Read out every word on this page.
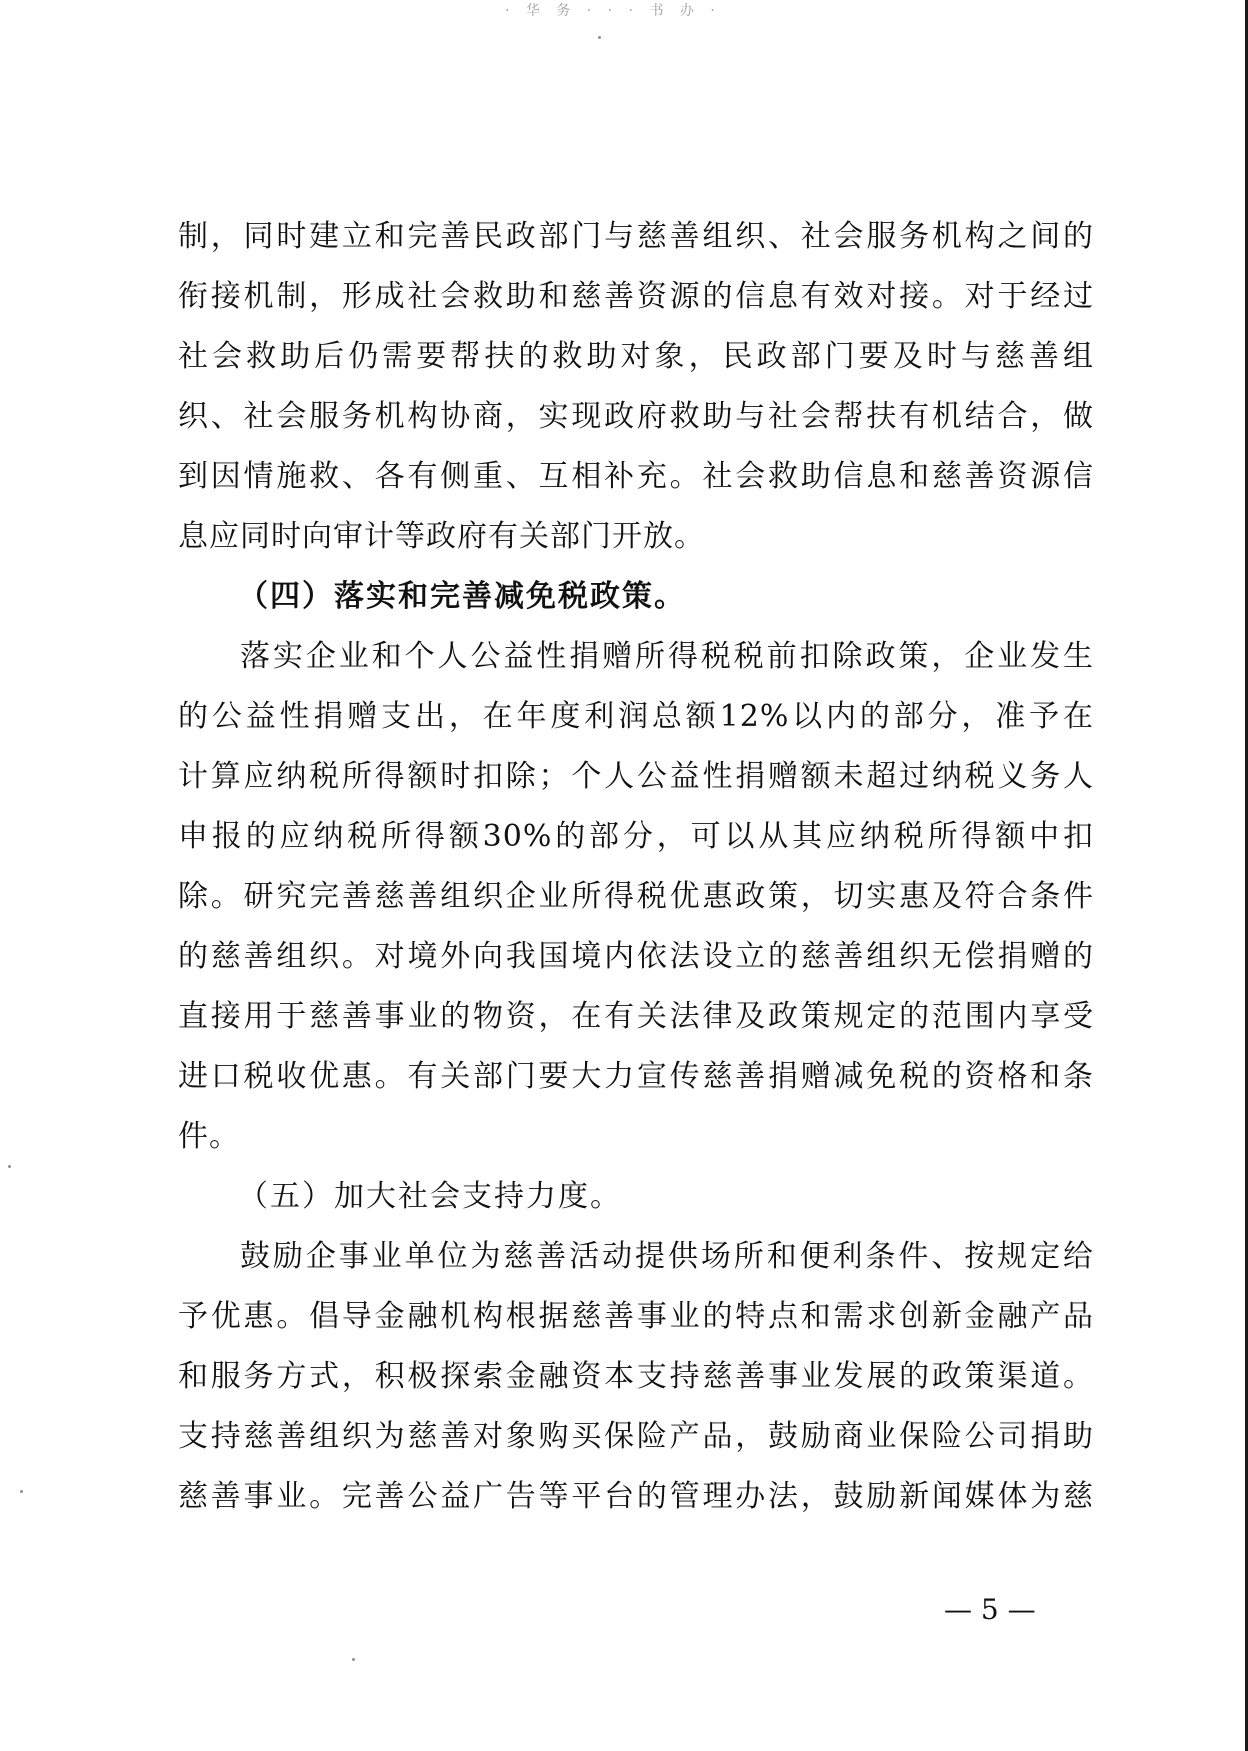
· 华 务 · · · 书 办 ·
制，同时建立和完善民政部门与慈善组织、社会服务机构之间的
衔接机制，形成社会救助和慈善资源的信息有效对接。对于经过
社会救助后仍需要帮扶的救助对象，民政部门要及时与慈善组
织、社会服务机构协商，实现政府救助与社会帮扶有机结合，做
到因情施救、各有侧重、互相补充。社会救助信息和慈善资源信
息应同时向审计等政府有关部门开放。
（四）落实和完善减免税政策。
落实企业和个人公益性捐赠所得税税前扣除政策，企业发生
的公益性捐赠支出，在年度利润总额12%以内的部分，准予在
计算应纳税所得额时扣除；个人公益性捐赠额未超过纳税义务人
申报的应纳税所得额30%的部分，可以从其应纳税所得额中扣
除。研究完善慈善组织企业所得税优惠政策，切实惠及符合条件
的慈善组织。对境外向我国境内依法设立的慈善组织无偿捐赠的
直接用于慈善事业的物资，在有关法律及政策规定的范围内享受
进口税收优惠。有关部门要大力宣传慈善捐赠减免税的资格和条
件。
（五）加大社会支持力度。
鼓励企事业单位为慈善活动提供场所和便利条件、按规定给
予优惠。倡导金融机构根据慈善事业的特点和需求创新金融产品
和服务方式，积极探索金融资本支持慈善事业发展的政策渠道。
支持慈善组织为慈善对象购买保险产品，鼓励商业保险公司捐助
慈善事业。完善公益广告等平台的管理办法，鼓励新闻媒体为慈
— 5 —
